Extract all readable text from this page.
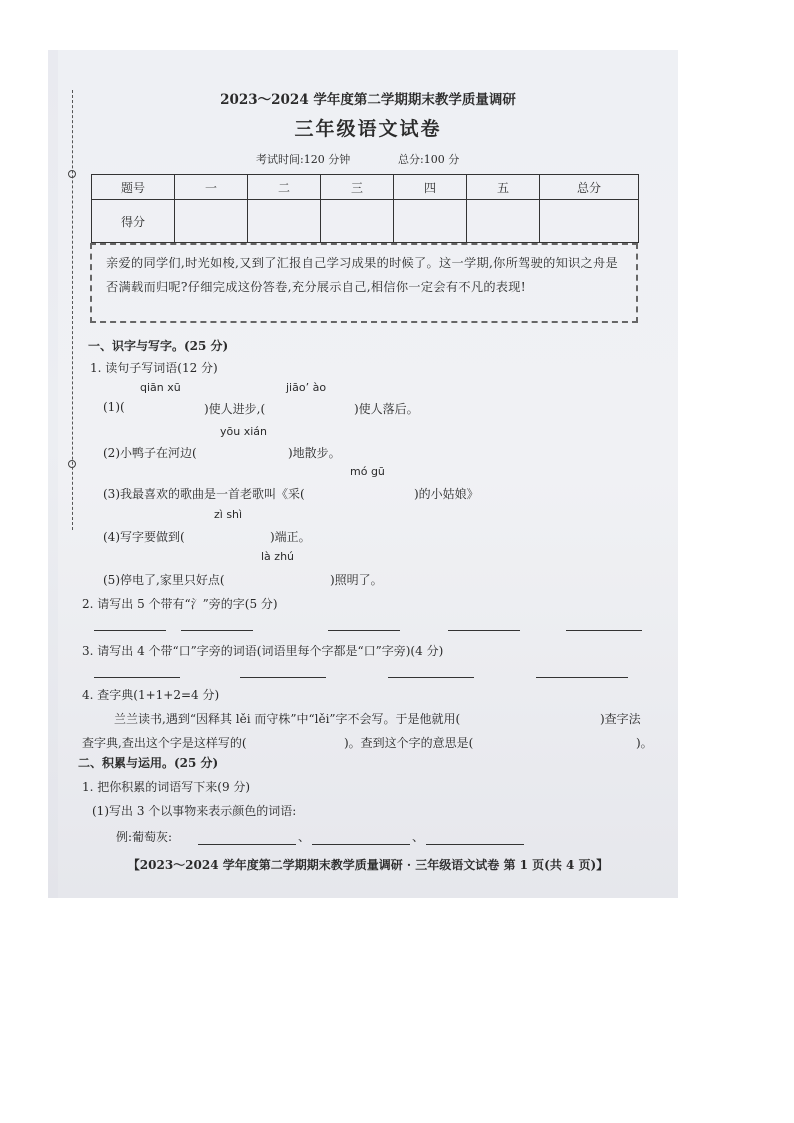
2023～2024 学年度第二学期期末教学质量调研
三年级语文试卷
考试时间:120 分钟	总分:100 分
题号	一	二	三	四	五	总分
得分						
亲爱的同学们,时光如梭,又到了汇报自己学习成果的时候了。这一学期,你所驾驶的知识之舟是否满载而归呢?仔细完成这份答卷,充分展示自己,相信你一定会有不凡的表现!
一、识字与写字。(25 分)
1. 读句子写词语(12 分)
qiān xū	jiāo’ ào
(1)(	)使人进步,(	)使人落后。
yōu xián
(2)小鸭子在河边(	)地散步。
mó gū
(3)我最喜欢的歌曲是一首老歌叫《采(	)的小姑娘》
zì shì
(4)写字要做到(	)端正。
là zhú
(5)停电了,家里只好点(	)照明了。
2. 请写出 5 个带有“氵”旁的字(5 分)
3. 请写出 4 个带“口”字旁的词语(词语里每个字都是“口”字旁)(4 分)
4. 查字典(1+1+2=4 分)
兰兰读书,遇到“因释其 lěi 而守株”中“lěi”字不会写。于是他就用(	)查字法
查字典,查出这个字是这样写的(	)。查到这个字的意思是(	)。
二、积累与运用。(25 分)
1. 把你积累的词语写下来(9 分)
(1)写出 3 个以事物来表示颜色的词语:
例:葡萄灰:	、	、
【2023～2024 学年度第二学期期末教学质量调研 · 三年级语文试卷 第 1 页(共 4 页)】
